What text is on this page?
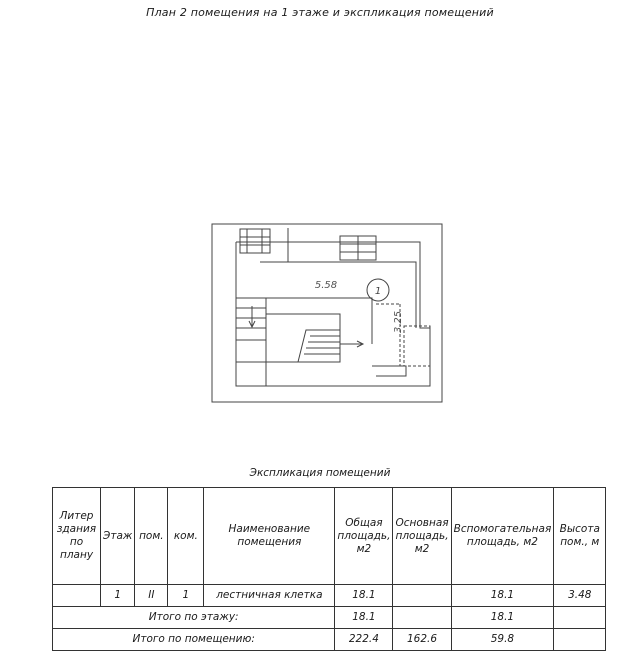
План 2 помещения на 1 этаже и экспликация помещений
1
5.58
3.25
Экспликация помещений
Литер здания по плану	Этаж	пом.	ком.	Наименование помещения	Общая площадь, м2	Основная площадь, м2	Вспомогательная площадь, м2	Высота пом., м
	1	II	1	лестничная клетка	18.1		18.1	3.48
Итого по этажу:					18.1		18.1	
Итого по помещению:					222.4	162.6	59.8	
